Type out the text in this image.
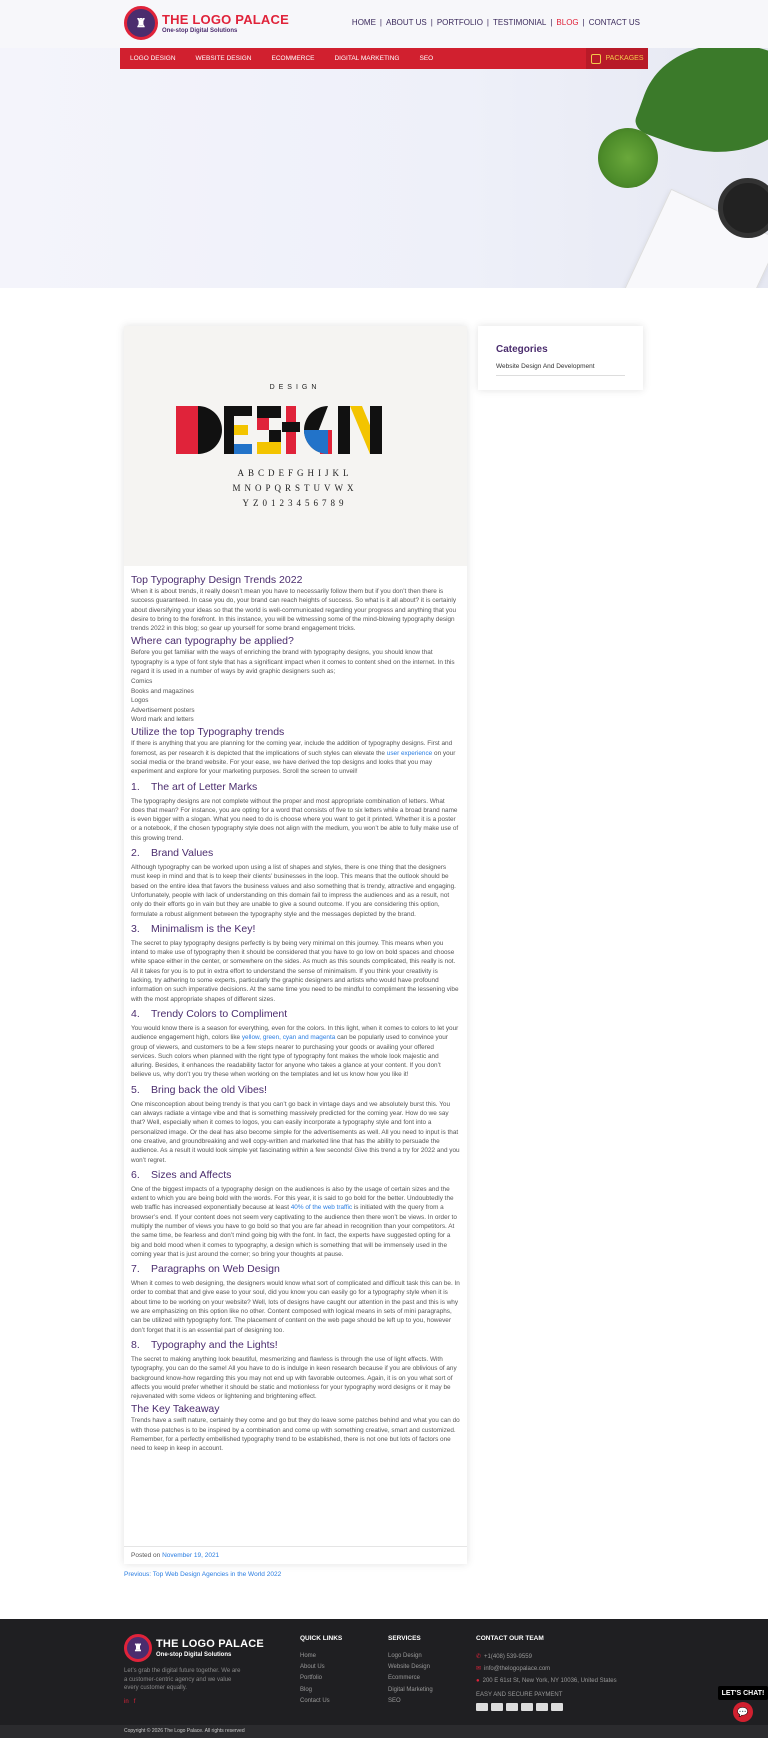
♜	THE LOGO PALACE
One-stop Digital Solutions
HOME | ABOUT US | PORTFOLIO | TESTIMONIAL | BLOG | CONTACT US
LOGO DESIGN	WEBSITE DESIGN	ECOMMERCE	DIGITAL MARKETING	SEO	PACKAGES
DESIGN
ABCDEFGHIJKL
MNOPQRSTUVWX
YZ0123456789
Top Typography Design Trends 2022

When it is about trends, it really doesn’t mean you have to necessarily follow them but if you don’t then there is success guaranteed. In case you do, your brand can reach heights of success. So what is it all about? it is certainly about diversifying your ideas so that the world is well-communicated regarding your progress and anything that you desire to bring to the forefront. In this instance, you will be witnessing some of the mind-blowing typography design trends 2022 in this blog; so gear up yourself for some brand engagement tricks.

Where can typography be applied?

Before you get familiar with the ways of enriching the brand with typography designs, you should know that typography is a type of font style that has a significant impact when it comes to content shed on the internet. In this regard it is used in a number of ways by avid graphic designers such as;

Comics
Books and magazines
Logos
Advertisement posters
Word mark and letters
Utilize the top Typography trends

If there is anything that you are planning for the coming year, include the addition of typography designs. First and foremost, as per research it is depicted that the implications of such styles can elevate the user experience on your social media or the brand website. For your ease, we have derived the top designs and looks that you may experiment and explore for your marketing purposes. Scroll the screen to unveil!

1. The art of Letter Marks

The typography designs are not complete without the proper and most appropriate combination of letters. What does that mean? For instance, you are opting for a word that consists of five to six letters while a broad brand name is even bigger with a slogan. What you need to do is choose where you want to get it printed. Whether it is a poster or a notebook, if the chosen typography style does not align with the medium, you won’t be able to fully make use of this growing trend.

2. Brand Values

Although typography can be worked upon using a list of shapes and styles, there is one thing that the designers must keep in mind and that is to keep their clients’ businesses in the loop. This means that the outlook should be based on the entire idea that favors the business values and also something that is trendy, attractive and engaging. Unfortunately, people with lack of understanding on this domain fail to impress the audiences and as a result, not only do their efforts go in vain but they are unable to give a sound outcome. If you are considering this option, formulate a robust alignment between the typography style and the messages depicted by the brand.

3. Minimalism is the Key!

The secret to play typography designs perfectly is by being very minimal on this journey. This means when you intend to make use of typography then it should be considered that you have to go low on bold spaces and choose white space either in the center, or somewhere on the sides. As much as this sounds complicated, this really is not. All it takes for you is to put in extra effort to understand the sense of minimalism. If you think your creativity is lacking, try adhering to some experts, particularly the graphic designers and artists who would have profound information on such imperative decisions. At the same time you need to be mindful to compliment the lessening vibe with the most appropriate shapes of different sizes.

4. Trendy Colors to Compliment

You would know there is a season for everything, even for the colors. In this light, when it comes to colors to let your audience engagement high, colors like yellow, green, cyan and magenta can be popularly used to convince your group of viewers, and customers to be a few steps nearer to purchasing your goods or availing your offered services. Such colors when planned with the right type of typography font makes the whole look majestic and alluring. Besides, it enhances the readability factor for anyone who takes a glance at your content. If you don’t believe us, why don’t you try these when working on the templates and let us know how you like it!

5. Bring back the old Vibes!

One misconception about being trendy is that you can’t go back in vintage days and we absolutely burst this. You can always radiate a vintage vibe and that is something massively predicted for the coming year. How do we say that? Well, especially when it comes to logos, you can easily incorporate a typography style and font into a personalized image. Or the deal has also become simple for the advertisements as well. All you need to input is that one creative, and groundbreaking and well copy-written and marketed line that has the ability to persuade the audience. As a result it would look simple yet fascinating within a few seconds! Give this trend a try for 2022 and you won’t regret.

6. Sizes and Affects

One of the biggest impacts of a typography design on the audiences is also by the usage of certain sizes and the extent to which you are being bold with the words. For this year, it is said to go bold for the better. Undoubtedly the web traffic has increased exponentially because at least 40% of the web traffic is initiated with the query from a browser’s end. If your content does not seem very captivating to the audience then there won’t be views. In order to multiply the number of views you have to go bold so that you are far ahead in recognition than your competitors. At the same time, be fearless and don’t mind going big with the font. In fact, the experts have suggested opting for a big and bold mood when it comes to typography, a design which is something that will be immensely used in the coming year that is just around the corner; so bring your thoughts at pause.

7. Paragraphs on Web Design

When it comes to web designing, the designers would know what sort of complicated and difficult task this can be. In order to combat that and give ease to your soul, did you know you can easily go for a typography style when it is about time to be working on your website? Well, lots of designs have caught our attention in the past and this is why we are emphasizing on this option like no other. Content composed with logical means in sets of mini paragraphs, can be utilized with typography font. The placement of content on the web page should be left up to you, however don’t forget that it is an essential part of designing too.

8. Typography and the Lights!

The secret to making anything look beautiful, mesmerizing and flawless is through the use of light effects. With typography, you can do the same! All you have to do is indulge in keen research because if you are oblivious of any background know-how regarding this you may not end up with favorable outcomes. Again, it is on you what sort of affects you would prefer whether it should be static and motionless for your typography word designs or it may be rejuvenated with some videos or lightening and brightening effect.

The Key Takeaway

Trends have a swift nature, certainly they come and go but they do leave some patches behind and what you can do with those patches is to be inspired by a combination and come up with something creative, smart and customized. Remember, for a perfectly embellished typography trend to be established, there is not one but lots of factors one need to keep in keep in account.

Posted on November 19, 2021
Categories
Website Design And Development
Previous: Top Web Design Agencies in the World 2022
♜	THE LOGO PALACE
One-stop Digital Solutions
Let’s grab the digital future together. We are a customer-centric agency and we value every customer equally.
in f
QUICK LINKS
Home
About Us
Portfolio
Blog
Contact Us
SERVICES
Logo Design
Website Design
Ecommerce
Digital Marketing
SEO
CONTACT OUR TEAM
✆ +1(408) 539-9559
✉ info@thelogopalace.com
● 200 E 61st St, New York, NY 10036, United States
EASY AND SECURE PAYMENT	LET'S CHAT!
💬
Copyright © 2026 The Logo Palace. All rights reserved
